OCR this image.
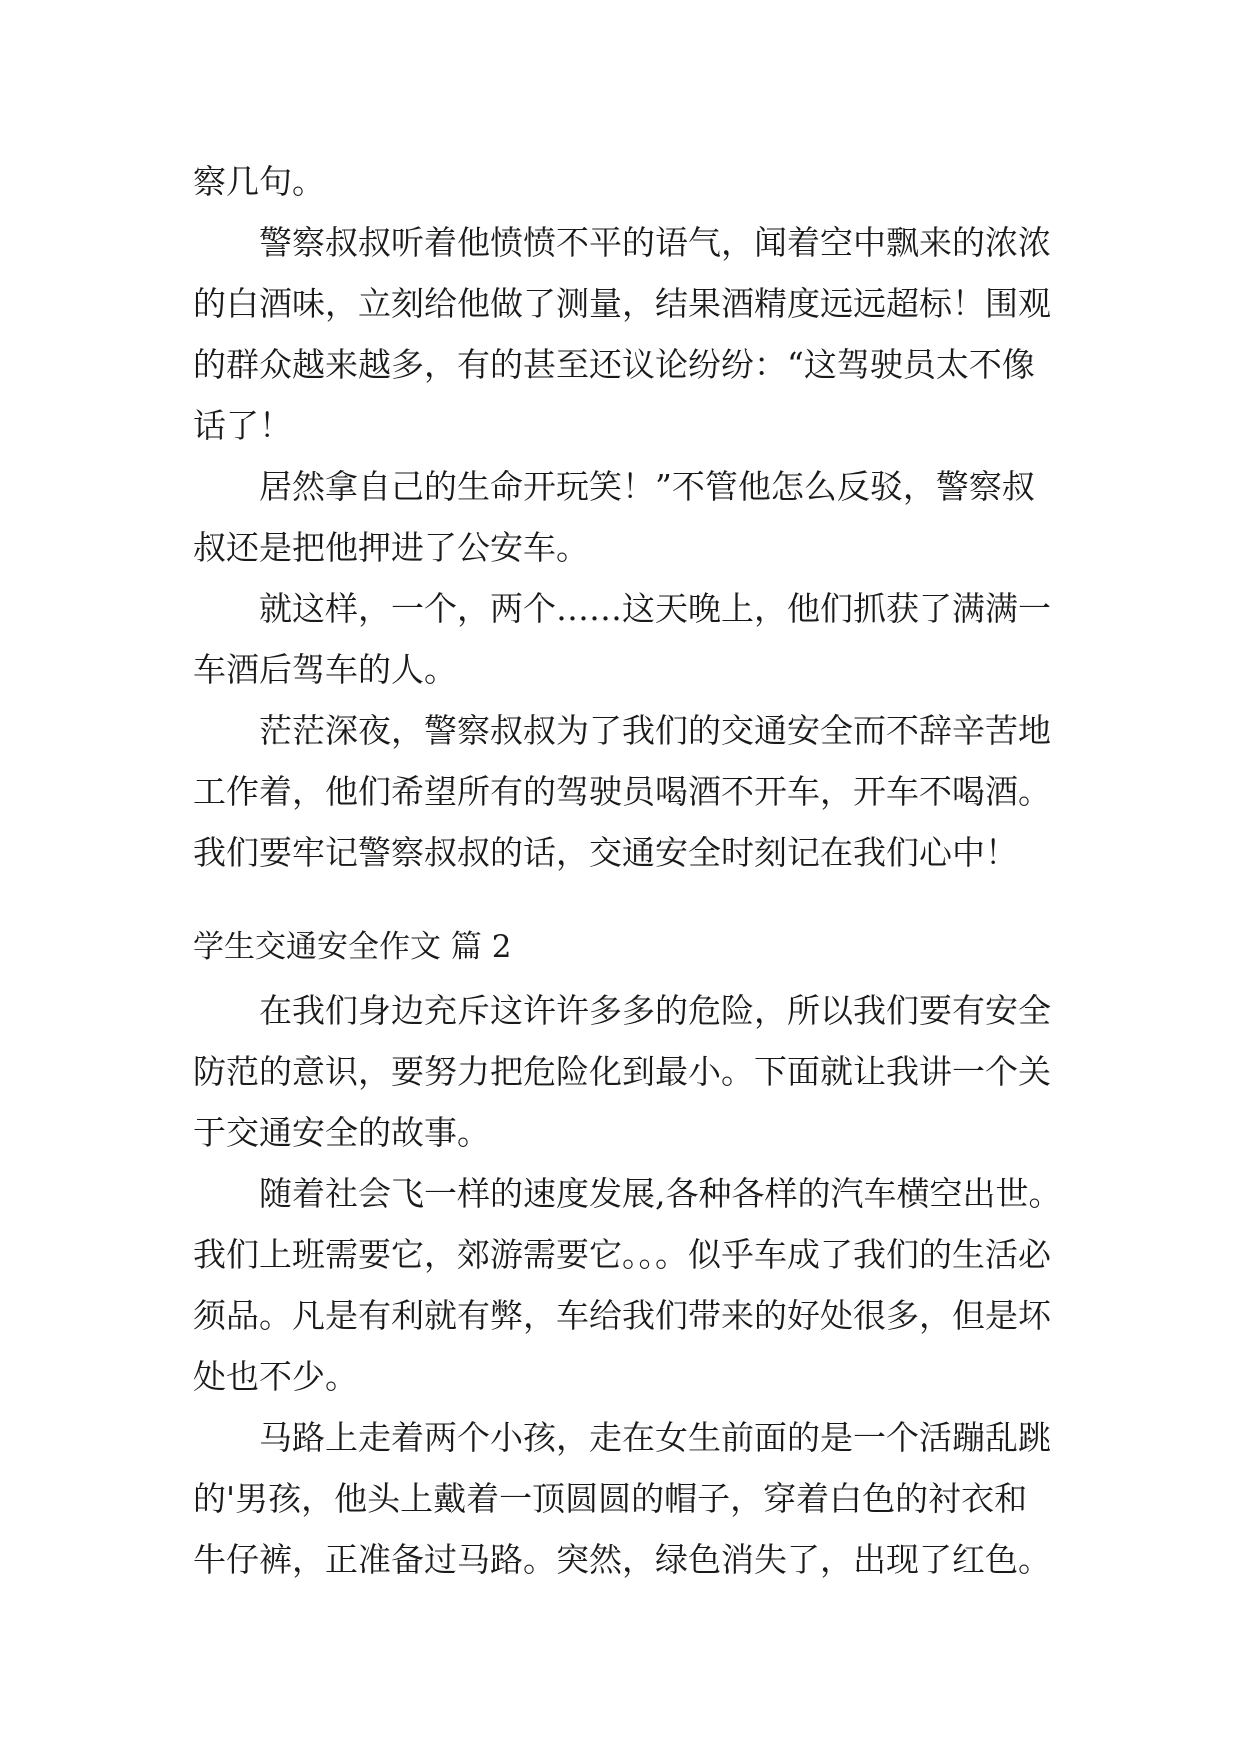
察几句。
警察叔叔听着他愤愤不平的语气，闻着空中飘来的浓浓
的白酒味，立刻给他做了测量，结果酒精度远远超标！围观
的群众越来越多，有的甚至还议论纷纷：“这驾驶员太不像
话了！
居然拿自己的生命开玩笑！”不管他怎么反驳，警察叔
叔还是把他押进了公安车。
就这样，一个，两个……这天晚上，他们抓获了满满一
车酒后驾车的人。
茫茫深夜，警察叔叔为了我们的交通安全而不辞辛苦地
工作着，他们希望所有的驾驶员喝酒不开车，开车不喝酒。
我们要牢记警察叔叔的话，交通安全时刻记在我们心中！
学生交通安全作文 篇 2
在我们身边充斥这许许多多的危险，所以我们要有安全
防范的意识，要努力把危险化到最小。下面就让我讲一个关
于交通安全的故事。
随着社会飞一样的速度发展,各种各样的汽车横空出世。
我们上班需要它，郊游需要它。。。似乎车成了我们的生活必
须品。凡是有利就有弊，车给我们带来的好处很多，但是坏
处也不少。
马路上走着两个小孩，走在女生前面的是一个活蹦乱跳
的'男孩，他头上戴着一顶圆圆的帽子，穿着白色的衬衣和
牛仔裤，正准备过马路。突然，绿色消失了，出现了红色。
